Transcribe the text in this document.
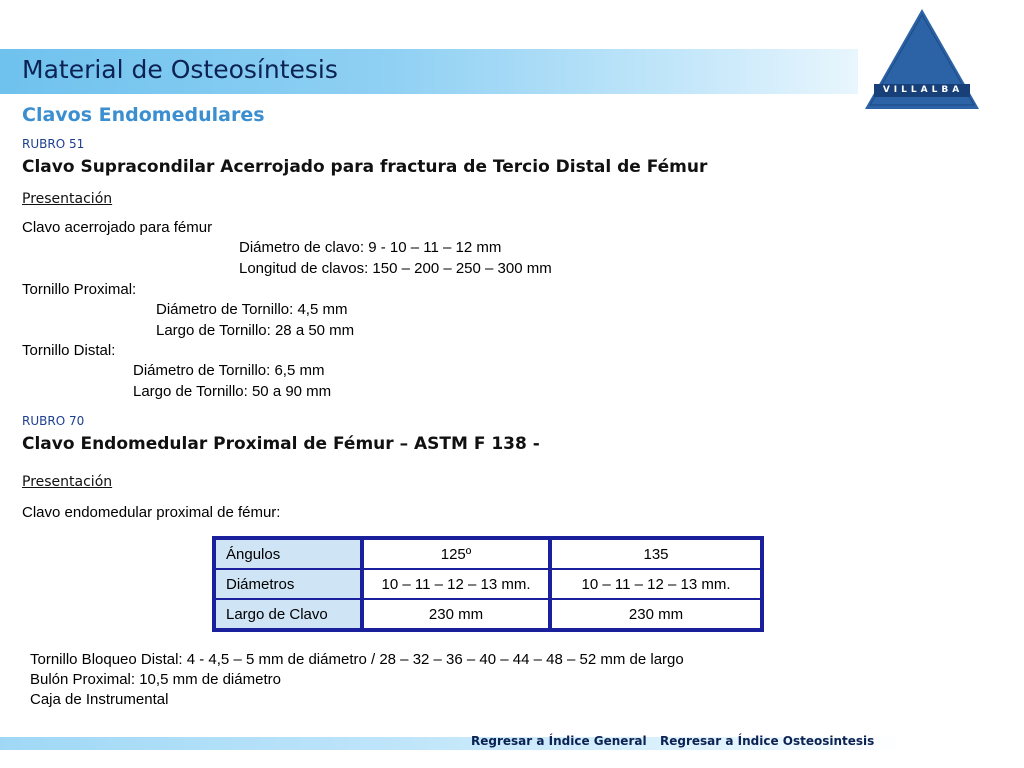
Material de Osteosíntesis
VILLALBA
Clavos Endomedulares
RUBRO 51
Clavo Supracondilar Acerrojado para fractura de Tercio Distal de Fémur
Presentación
Clavo acerrojado para fémur
Diámetro de clavo: 9 - 10 – 11 – 12 mm
Longitud de clavos: 150 – 200 – 250 – 300 mm
Tornillo Proximal:
Diámetro de Tornillo: 4,5 mm
Largo de Tornillo: 28 a 50 mm
Tornillo Distal:
Diámetro de Tornillo: 6,5 mm
Largo de Tornillo: 50 a 90 mm
RUBRO 70
Clavo Endomedular Proximal de Fémur – ASTM F 138 -
Presentación
Clavo endomedular proximal de fémur:
Ángulos	125º	135
Diámetros	10 – 11 – 12 – 13 mm.	10 – 11 – 12 – 13 mm.
Largo de Clavo	230 mm	230 mm
Tornillo Bloqueo Distal: 4 - 4,5 – 5 mm de diámetro / 28 – 32 – 36 – 40 – 44 – 48 – 52 mm de largo
Bulón Proximal: 10,5 mm de diámetro
Caja de Instrumental
Regresar a Índice General Regresar a Índice Osteosintesis
